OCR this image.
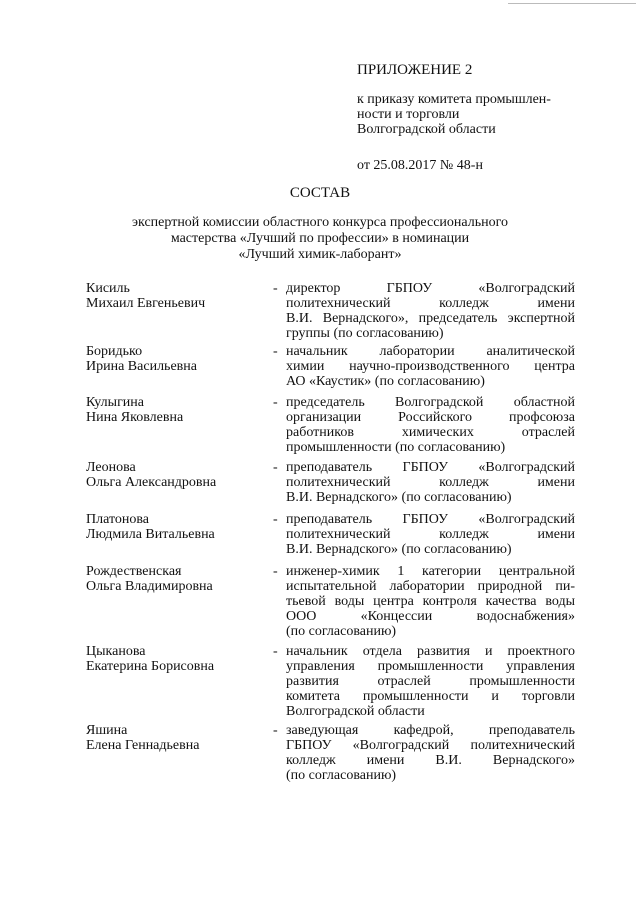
ПРИЛОЖЕНИЕ 2
к приказу комитета промышлен-
ности и торговли
Волгоградской области
от 25.08.2017 № 48-н
СОСТАВ
экспертной комиссии областного конкурса профессионального
мастерства «Лучший по профессии» в номинации
«Лучший химик-лаборант»
Кисиль
Михаил Евгеньевич
- директор ГБПОУ «Волгоградский
политехнический колледж имени
В.И. Вернадского», председатель экспертной
группы (по согласованию)
Боридько
Ирина Васильевна
- начальник лаборатории аналитической
химии научно-производственного центра
АО «Каустик» (по согласованию)
Кулыгина
Нина Яковлевна
- председатель Волгоградской областной
организации Российского профсоюза
работников химических отраслей
промышленности (по согласованию)
Леонова
Ольга Александровна
- преподаватель ГБПОУ «Волгоградский
политехнический колледж имени
В.И. Вернадского» (по согласованию)
Платонова
Людмила Витальевна
- преподаватель ГБПОУ «Волгоградский
политехнический колледж имени
В.И. Вернадского» (по согласованию)
Рождественская
Ольга Владимировна
- инженер-химик 1 категории центральной
испытательной лаборатории природной пи-
тьевой воды центра контроля качества воды
ООО «Концессии водоснабжения»
(по согласованию)
Цыканова
Екатерина Борисовна
- начальник отдела развития и проектного
управления промышленности управления
развития отраслей промышленности
комитета промышленности и торговли
Волгоградской области
Яшина
Елена Геннадьевна
- заведующая кафедрой, преподаватель
ГБПОУ «Волгоградский политехнический
колледж имени В.И. Вернадского»
(по согласованию)
